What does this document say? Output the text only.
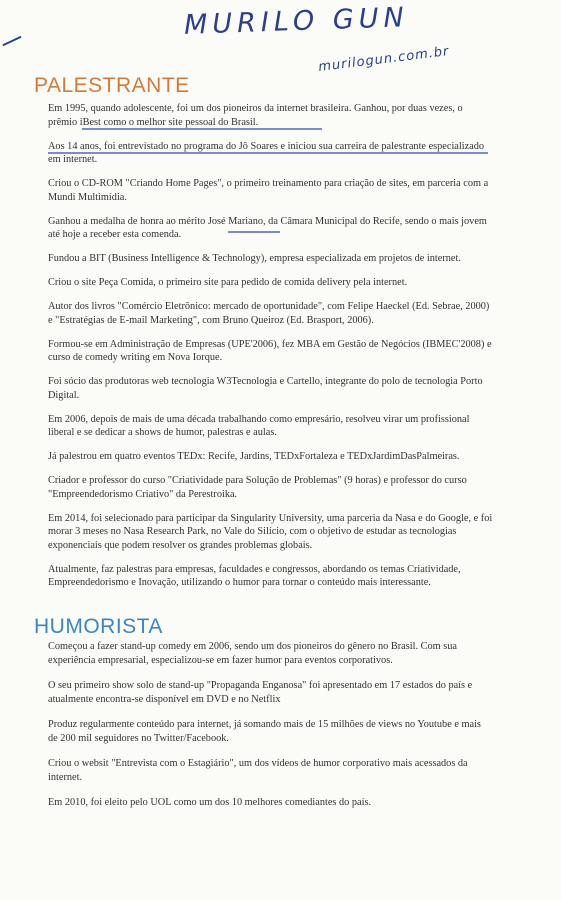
MURILO GUN
murilogun.com.br
PALESTRANTE

Em 1995, quando adolescente, foi um dos pioneiros da internet brasileira. Ganhou, por duas vezes, o prêmio iBest como o melhor site pessoal do Brasil.

Aos 14 anos, foi entrevistado no programa do Jô Soares e iniciou sua carreira de palestrante especializado em internet.

Criou o CD-ROM "Criando Home Pages", o primeiro treinamento para criação de sites, em parceria com a Mundi Multimídia.

Ganhou a medalha de honra ao mérito José Mariano, da Câmara Municipal do Recife, sendo o mais jovem até hoje a receber esta comenda.

Fundou a BIT (Business Intelligence & Technology), empresa especializada em projetos de internet.

Criou o site Peça Comida, o primeiro site para pedido de comida delivery pela internet.

Autor dos livros "Comércio Eletrônico: mercado de oportunidade", com Felipe Haeckel (Ed. Sebrae, 2000) e "Estratégias de E-mail Marketing", com Bruno Queiroz (Ed. Brasport, 2006).

Formou-se em Administração de Empresas (UPE'2006), fez MBA em Gestão de Negócios (IBMEC'2008) e curso de comedy writing em Nova Iorque.

Foi sócio das produtoras web tecnologia W3Tecnologia e Cartello, integrante do polo de tecnologia Porto Digital.

Em 2006, depois de mais de uma década trabalhando como empresário, resolveu virar um profissional liberal e se dedicar a shows de humor, palestras e aulas.

Já palestrou em quatro eventos TEDx: Recife, Jardins, TEDxFortaleza e TEDxJardimDasPalmeiras.

Criador e professor do curso "Criatividade para Solução de Problemas" (9 horas) e professor do curso "Empreendedorismo Criativo" da Perestroika.

Em 2014, foi selecionado para participar da Singularity University, uma parceria da Nasa e do Google, e foi morar 3 meses no Nasa Research Park, no Vale do Silício, com o objetivo de estudar as tecnologias exponenciais que podem resolver os grandes problemas globais.

Atualmente, faz palestras para empresas, faculdades e congressos, abordando os temas Criatividade, Empreendedorismo e Inovação, utilizando o humor para tornar o conteúdo mais interessante.

HUMORISTA

Começou a fazer stand-up comedy em 2006, sendo um dos pioneiros do gênero no Brasil. Com sua experiência empresarial, especializou-se em fazer humor para eventos corporativos.

O seu primeiro show solo de stand-up "Propaganda Enganosa" foi apresentado em 17 estados do país e atualmente encontra-se disponível em DVD e no Netflix

Produz regularmente conteúdo para internet, já somando mais de 15 milhões de views no Youtube e mais de 200 mil seguidores no Twitter/Facebook.

Criou o websit "Entrevista com o Estagiário", um dos vídeos de humor corporativo mais acessados da internet.

Em 2010, foi eleito pelo UOL como um dos 10 melhores comediantes do país.
